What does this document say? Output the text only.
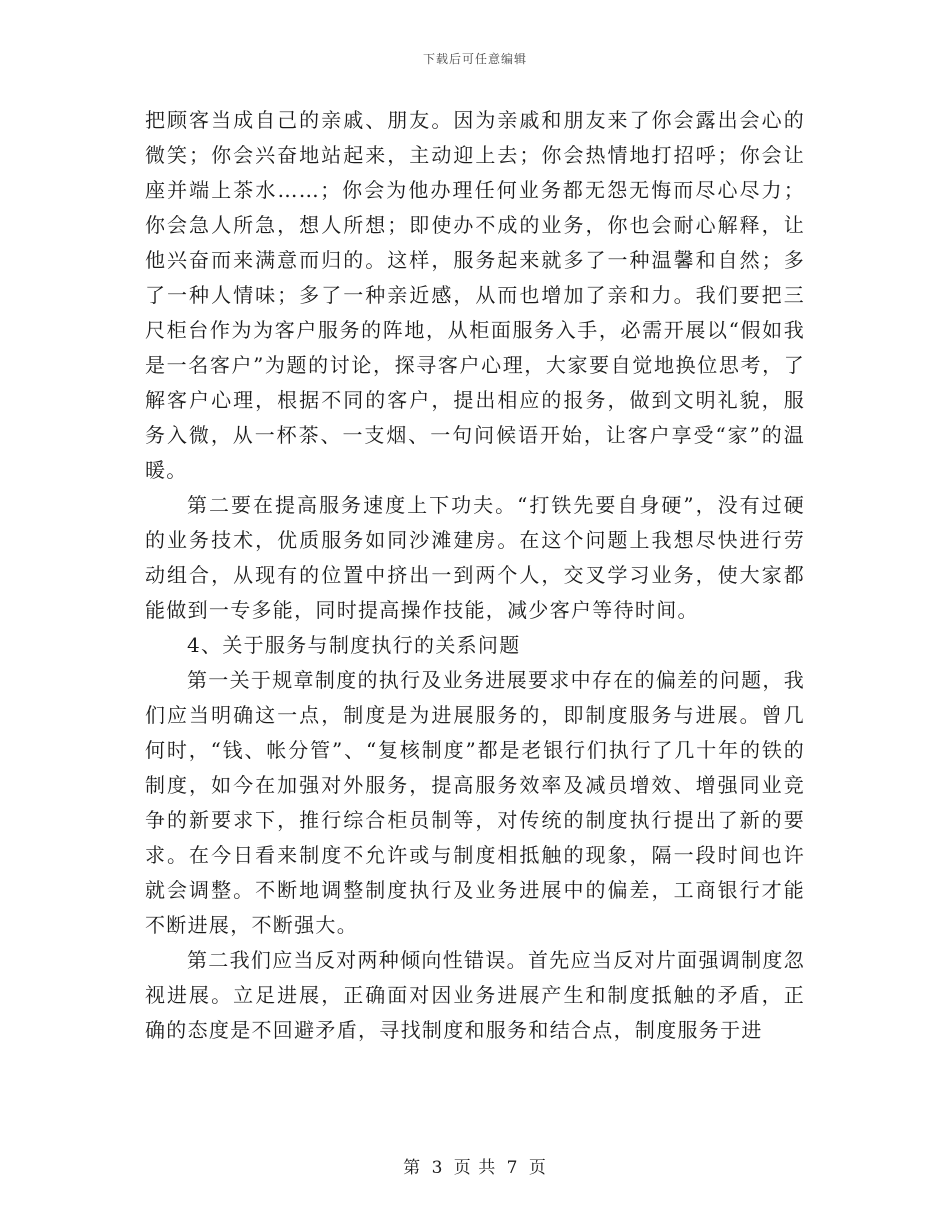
下载后可任意编辑

把顾客当成自己的亲戚、朋友。因为亲戚和朋友来了你会露出会心的微笑；你会兴奋地站起来，主动迎上去；你会热情地打招呼；你会让座并端上茶水……；你会为他办理任何业务都无怨无悔而尽心尽力；你会急人所急，想人所想；即使办不成的业务，你也会耐心解释，让他兴奋而来满意而归的。这样，服务起来就多了一种温馨和自然；多了一种人情味；多了一种亲近感，从而也增加了亲和力。我们要把三尺柜台作为为客户服务的阵地，从柜面服务入手，必需开展以“假如我是一名客户”为题的讨论，探寻客户心理，大家要自觉地换位思考，了解客户心理，根据不同的客户，提出相应的报务，做到文明礼貌，服务入微，从一杯茶、一支烟、一句问候语开始，让客户享受“家”的温暖。

第二要在提高服务速度上下功夫。“打铁先要自身硬”，没有过硬的业务技术，优质服务如同沙滩建房。在这个问题上我想尽快进行劳动组合，从现有的位置中挤出一到两个人，交叉学习业务，使大家都能做到一专多能，同时提高操作技能，减少客户等待时间。

4、关于服务与制度执行的关系问题

第一关于规章制度的执行及业务进展要求中存在的偏差的问题，我们应当明确这一点，制度是为进展服务的，即制度服务与进展。曾几何时，“钱、帐分管”、“复核制度”都是老银行们执行了几十年的铁的制度，如今在加强对外服务，提高服务效率及减员增效、增强同业竞争的新要求下，推行综合柜员制等，对传统的制度执行提出了新的要求。在今日看来制度不允许或与制度相抵触的现象，隔一段时间也许就会调整。不断地调整制度执行及业务进展中的偏差，工商银行才能不断进展，不断强大。

第二我们应当反对两种倾向性错误。首先应当反对片面强调制度忽视进展。立足进展，正确面对因业务进展产生和制度抵触的矛盾，正确的态度是不回避矛盾，寻找制度和服务和结合点，制度服务于进

第 3 页 共 7 页
